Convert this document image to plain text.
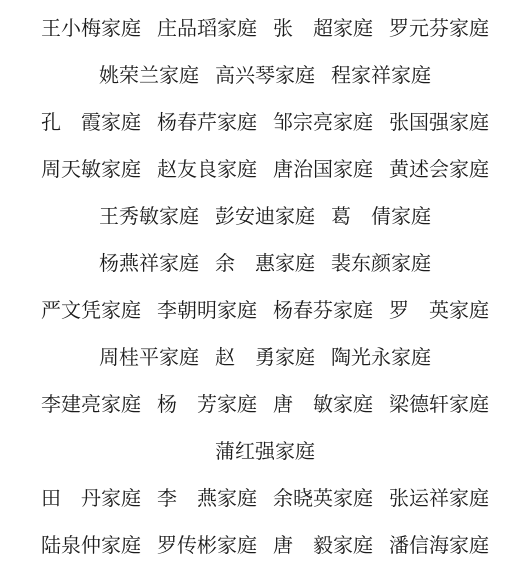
王小梅家庭 庄品瑫家庭 张　超家庭 罗元芬家庭
姚荣兰家庭 高兴琴家庭 程家祥家庭
孔　霞家庭 杨春芹家庭 邹宗亮家庭 张国强家庭
周天敏家庭 赵友良家庭 唐治国家庭 黄述会家庭
王秀敏家庭 彭安迪家庭 葛　倩家庭
杨燕祥家庭 余　惠家庭 裴东颜家庭
严文凭家庭 李朝明家庭 杨春芬家庭 罗　英家庭
周桂平家庭 赵　勇家庭 陶光永家庭
李建亮家庭 杨　芳家庭 唐　敏家庭 梁德轩家庭
蒲红强家庭
田　丹家庭 李　燕家庭 余晓英家庭 张运祥家庭
陆泉仲家庭 罗传彬家庭 唐　毅家庭 潘信海家庭
